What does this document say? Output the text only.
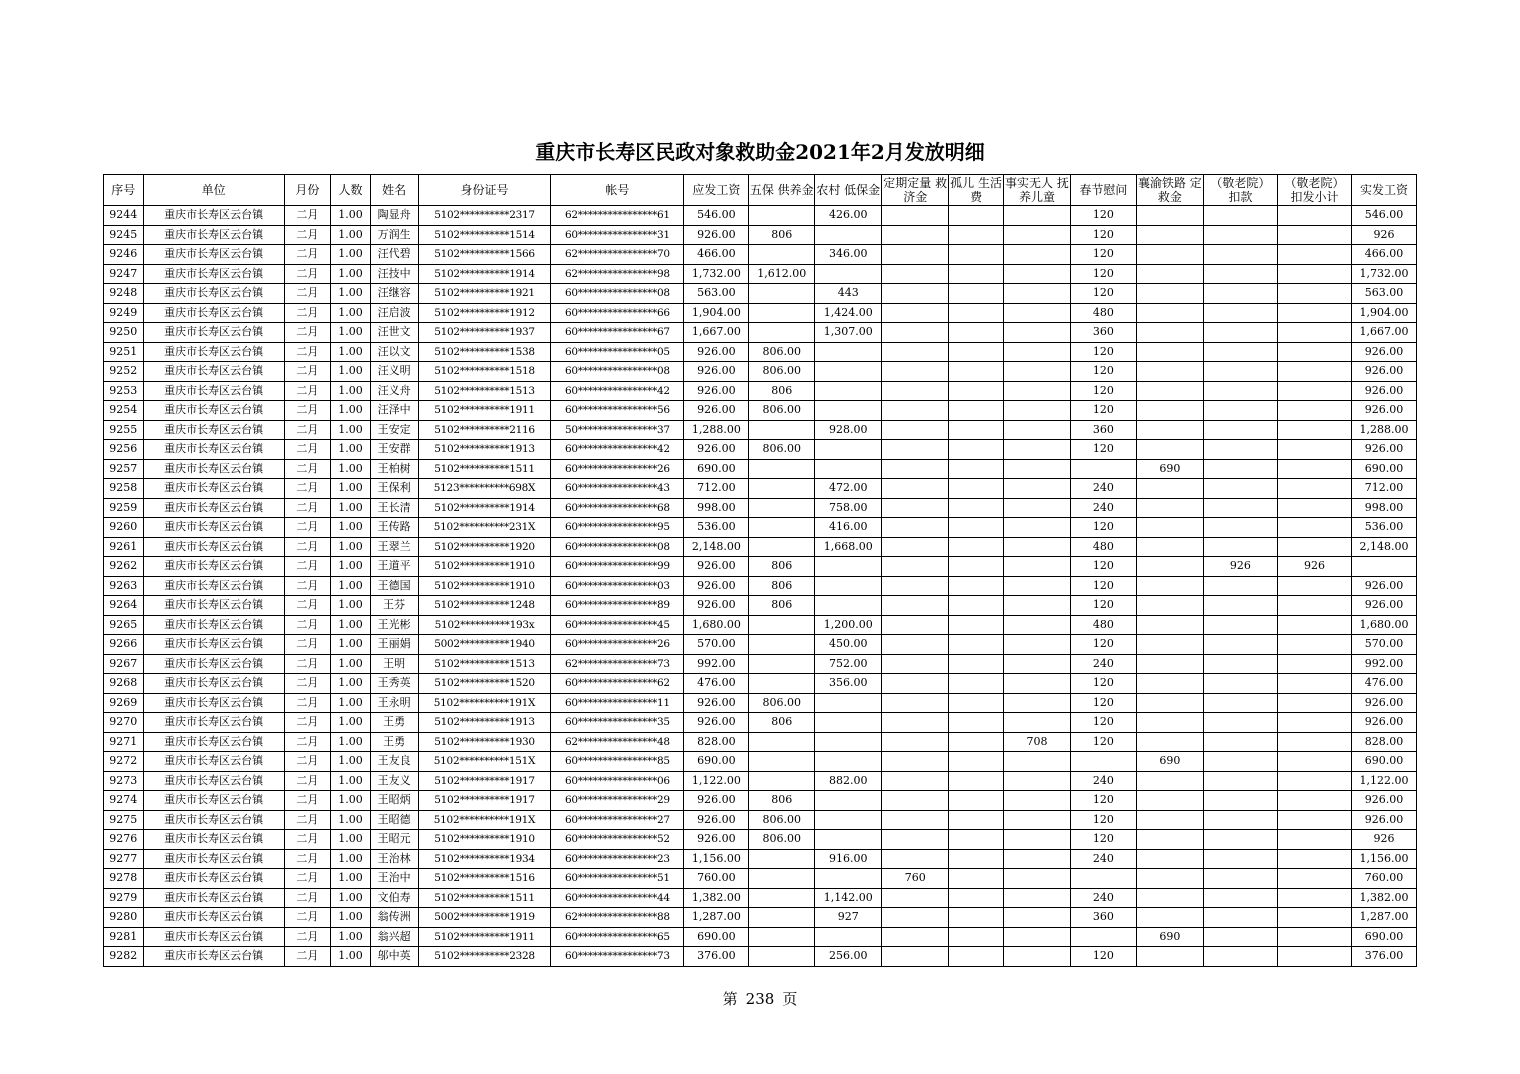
重庆市长寿区民政对象救助金2021年2月发放明细
序号	单位	月份	人数	姓名	身份证号	帐号	应发工资	五保 供养金	农村 低保金	定期定量 救济金	孤儿 生活费	事实无人 抚养儿童	春节慰问	襄渝铁路 定救金	（敬老院） 扣款	（敬老院） 扣发小计	实发工资
9244	重庆市长寿区云台镇	二月	1.00	陶显舟	5102**********2317	62****************61	546.00		426.00				120				546.00
9245	重庆市长寿区云台镇	二月	1.00	万润生	5102**********1514	60****************31	926.00	806					120				926
9246	重庆市长寿区云台镇	二月	1.00	汪代碧	5102**********1566	62****************70	466.00		346.00				120				466.00
9247	重庆市长寿区云台镇	二月	1.00	汪技中	5102**********1914	62****************98	1,732.00	1,612.00					120				1,732.00
9248	重庆市长寿区云台镇	二月	1.00	汪继容	5102**********1921	60****************08	563.00		443				120				563.00
9249	重庆市长寿区云台镇	二月	1.00	汪启波	5102**********1912	60****************66	1,904.00		1,424.00				480				1,904.00
9250	重庆市长寿区云台镇	二月	1.00	汪世文	5102**********1937	60****************67	1,667.00		1,307.00				360				1,667.00
9251	重庆市长寿区云台镇	二月	1.00	汪以文	5102**********1538	60****************05	926.00	806.00					120				926.00
9252	重庆市长寿区云台镇	二月	1.00	汪义明	5102**********1518	60****************08	926.00	806.00					120				926.00
9253	重庆市长寿区云台镇	二月	1.00	汪义舟	5102**********1513	60****************42	926.00	806					120				926.00
9254	重庆市长寿区云台镇	二月	1.00	汪泽中	5102**********1911	60****************56	926.00	806.00					120				926.00
9255	重庆市长寿区云台镇	二月	1.00	王安定	5102**********2116	50****************37	1,288.00		928.00				360				1,288.00
9256	重庆市长寿区云台镇	二月	1.00	王安群	5102**********1913	60****************42	926.00	806.00					120				926.00
9257	重庆市长寿区云台镇	二月	1.00	王柏树	5102**********1511	60****************26	690.00							690			690.00
9258	重庆市长寿区云台镇	二月	1.00	王保利	5123**********698X	60****************43	712.00		472.00				240				712.00
9259	重庆市长寿区云台镇	二月	1.00	王长清	5102**********1914	60****************68	998.00		758.00				240				998.00
9260	重庆市长寿区云台镇	二月	1.00	王传路	5102**********231X	60****************95	536.00		416.00				120				536.00
9261	重庆市长寿区云台镇	二月	1.00	王翠兰	5102**********1920	60****************08	2,148.00		1,668.00				480				2,148.00
9262	重庆市长寿区云台镇	二月	1.00	王道平	5102**********1910	60****************99	926.00	806					120		926	926	
9263	重庆市长寿区云台镇	二月	1.00	王德国	5102**********1910	60****************03	926.00	806					120				926.00
9264	重庆市长寿区云台镇	二月	1.00	王芬	5102**********1248	60****************89	926.00	806					120				926.00
9265	重庆市长寿区云台镇	二月	1.00	王光彬	5102**********193x	60****************45	1,680.00		1,200.00				480				1,680.00
9266	重庆市长寿区云台镇	二月	1.00	王丽娟	5002**********1940	60****************26	570.00		450.00				120				570.00
9267	重庆市长寿区云台镇	二月	1.00	王明	5102**********1513	62****************73	992.00		752.00				240				992.00
9268	重庆市长寿区云台镇	二月	1.00	王秀英	5102**********1520	60****************62	476.00		356.00				120				476.00
9269	重庆市长寿区云台镇	二月	1.00	王永明	5102**********191X	60****************11	926.00	806.00					120				926.00
9270	重庆市长寿区云台镇	二月	1.00	王勇	5102**********1913	60****************35	926.00	806					120				926.00
9271	重庆市长寿区云台镇	二月	1.00	王勇	5102**********1930	62****************48	828.00					708	120				828.00
9272	重庆市长寿区云台镇	二月	1.00	王友良	5102**********151X	60****************85	690.00							690			690.00
9273	重庆市长寿区云台镇	二月	1.00	王友义	5102**********1917	60****************06	1,122.00		882.00				240				1,122.00
9274	重庆市长寿区云台镇	二月	1.00	王昭炳	5102**********1917	60****************29	926.00	806					120				926.00
9275	重庆市长寿区云台镇	二月	1.00	王昭德	5102**********191X	60****************27	926.00	806.00					120				926.00
9276	重庆市长寿区云台镇	二月	1.00	王昭元	5102**********1910	60****************52	926.00	806.00					120				926
9277	重庆市长寿区云台镇	二月	1.00	王治林	5102**********1934	60****************23	1,156.00		916.00				240				1,156.00
9278	重庆市长寿区云台镇	二月	1.00	王治中	5102**********1516	60****************51	760.00			760							760.00
9279	重庆市长寿区云台镇	二月	1.00	文伯寿	5102**********1511	60****************44	1,382.00		1,142.00				240				1,382.00
9280	重庆市长寿区云台镇	二月	1.00	翁传洲	5002**********1919	62****************88	1,287.00		927				360				1,287.00
9281	重庆市长寿区云台镇	二月	1.00	翁兴超	5102**********1911	60****************65	690.00							690			690.00
9282	重庆市长寿区云台镇	二月	1.00	邬中英	5102**********2328	60****************73	376.00		256.00				120				376.00
第 238 页
